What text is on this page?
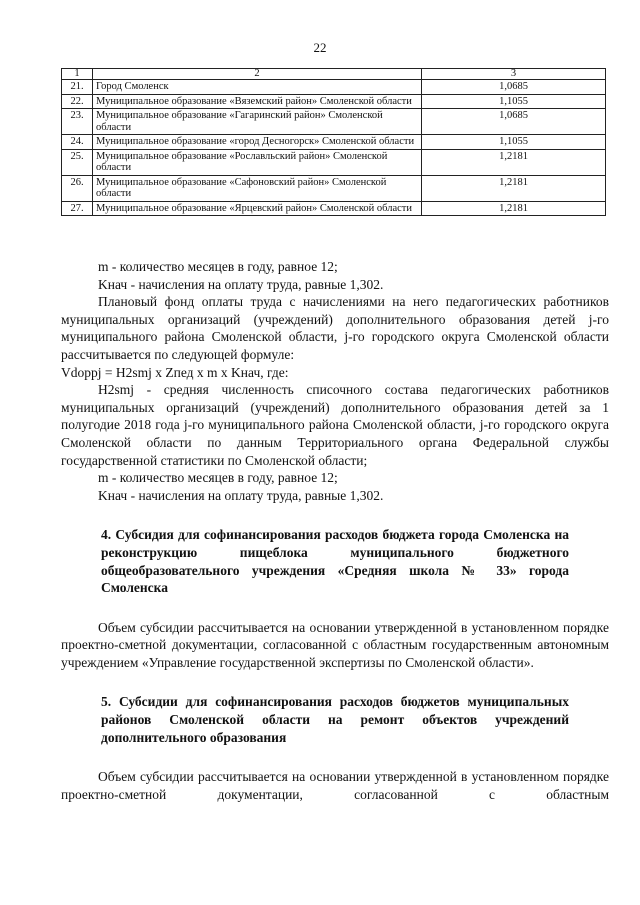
22
1	2	3
21.	Город Смоленск	1,0685
22.	Муниципальное образование «Вяземский район» Смоленской области	1,1055
23.	Муниципальное образование «Гагаринский район» Смоленской области	1,0685
24.	Муниципальное образование «город Десногорск» Смоленской области	1,1055
25.	Муниципальное образование «Рославльский район» Смоленской области	1,2181
26.	Муниципальное образование «Сафоновский район» Смоленской области	1,2181
27.	Муниципальное образование «Ярцевский район» Смоленской области	1,2181

m - количество месяцев в году, равное 12;

Kнач - начисления на оплату труда, равные 1,302.

Плановый фонд оплаты труда с начислениями на него педагогических работников муниципальных организаций (учреждений) дополнительного образования детей j-го муниципального района Смоленской области, j-го городского округа Смоленской области рассчитывается по следующей формуле:

Vdoppj = H2smj x Zпед x m x Kнач, где:

H2smj - средняя численность списочного состава педагогических работников муниципальных организаций (учреждений) дополнительного образования детей за 1 полугодие 2018 года j-го муниципального района Смоленской области, j-го городского округа Смоленской области по данным Территориального органа Федеральной службы государственной статистики по Смоленской области;

m - количество месяцев в году, равное 12;

Kнач - начисления на оплату труда, равные 1,302.

4. Субсидия для софинансирования расходов бюджета города Смоленска на реконструкцию пищеблока муниципального бюджетного общеобразовательного учреждения «Средняя школа № 33» города Смоленска

Объем субсидии рассчитывается на основании утвержденной в установленном порядке проектно-сметной документации, согласованной с областным государственным автономным учреждением «Управление государственной экспертизы по Смоленской области».

5. Субсидии для софинансирования расходов бюджетов муниципальных районов Смоленской области на ремонт объектов учреждений дополнительного образования

Объем субсидии рассчитывается на основании утвержденной в установленном порядке проектно-сметной документации, согласованной с областным
